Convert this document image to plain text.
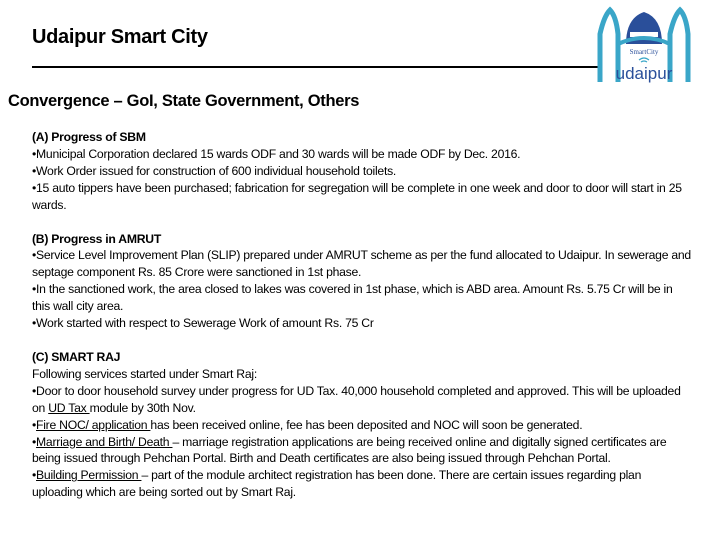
Udaipur Smart City
SmartCity
udaipur
Convergence – GoI, State Government, Others

(A) Progress of SBM

•Municipal Corporation declared 15 wards ODF and 30 wards will be made ODF by Dec. 2016.

•Work Order issued for construction of 600 individual household toilets.

•15 auto tippers have been purchased; fabrication for segregation will be complete in one week and door to door will start in 25 wards.

(B) Progress in AMRUT

•Service Level Improvement Plan (SLIP) prepared under AMRUT scheme as per the fund allocated to Udaipur. In sewerage and septage component Rs. 85 Crore were sanctioned in 1st phase.

•In the sanctioned work, the area closed to lakes was covered in 1st phase, which is ABD area. Amount Rs. 5.75 Cr will be in this wall city area.

•Work started with respect to Sewerage Work of amount Rs. 75 Cr

(C) SMART RAJ

Following services started under Smart Raj:

•Door to door household survey under progress for UD Tax. 40,000 household completed and approved. This will be uploaded on UD Tax module by 30th Nov.

•Fire NOC/ application has been received online, fee has been deposited and NOC will soon be generated.

•Marriage and Birth/ Death – marriage registration applications are being received online and digitally signed certificates are being issued through Pehchan Portal. Birth and Death certificates are also being issued through Pehchan Portal.

•Building Permission – part of the module architect registration has been done. There are certain issues regarding plan uploading which are being sorted out by Smart Raj.
